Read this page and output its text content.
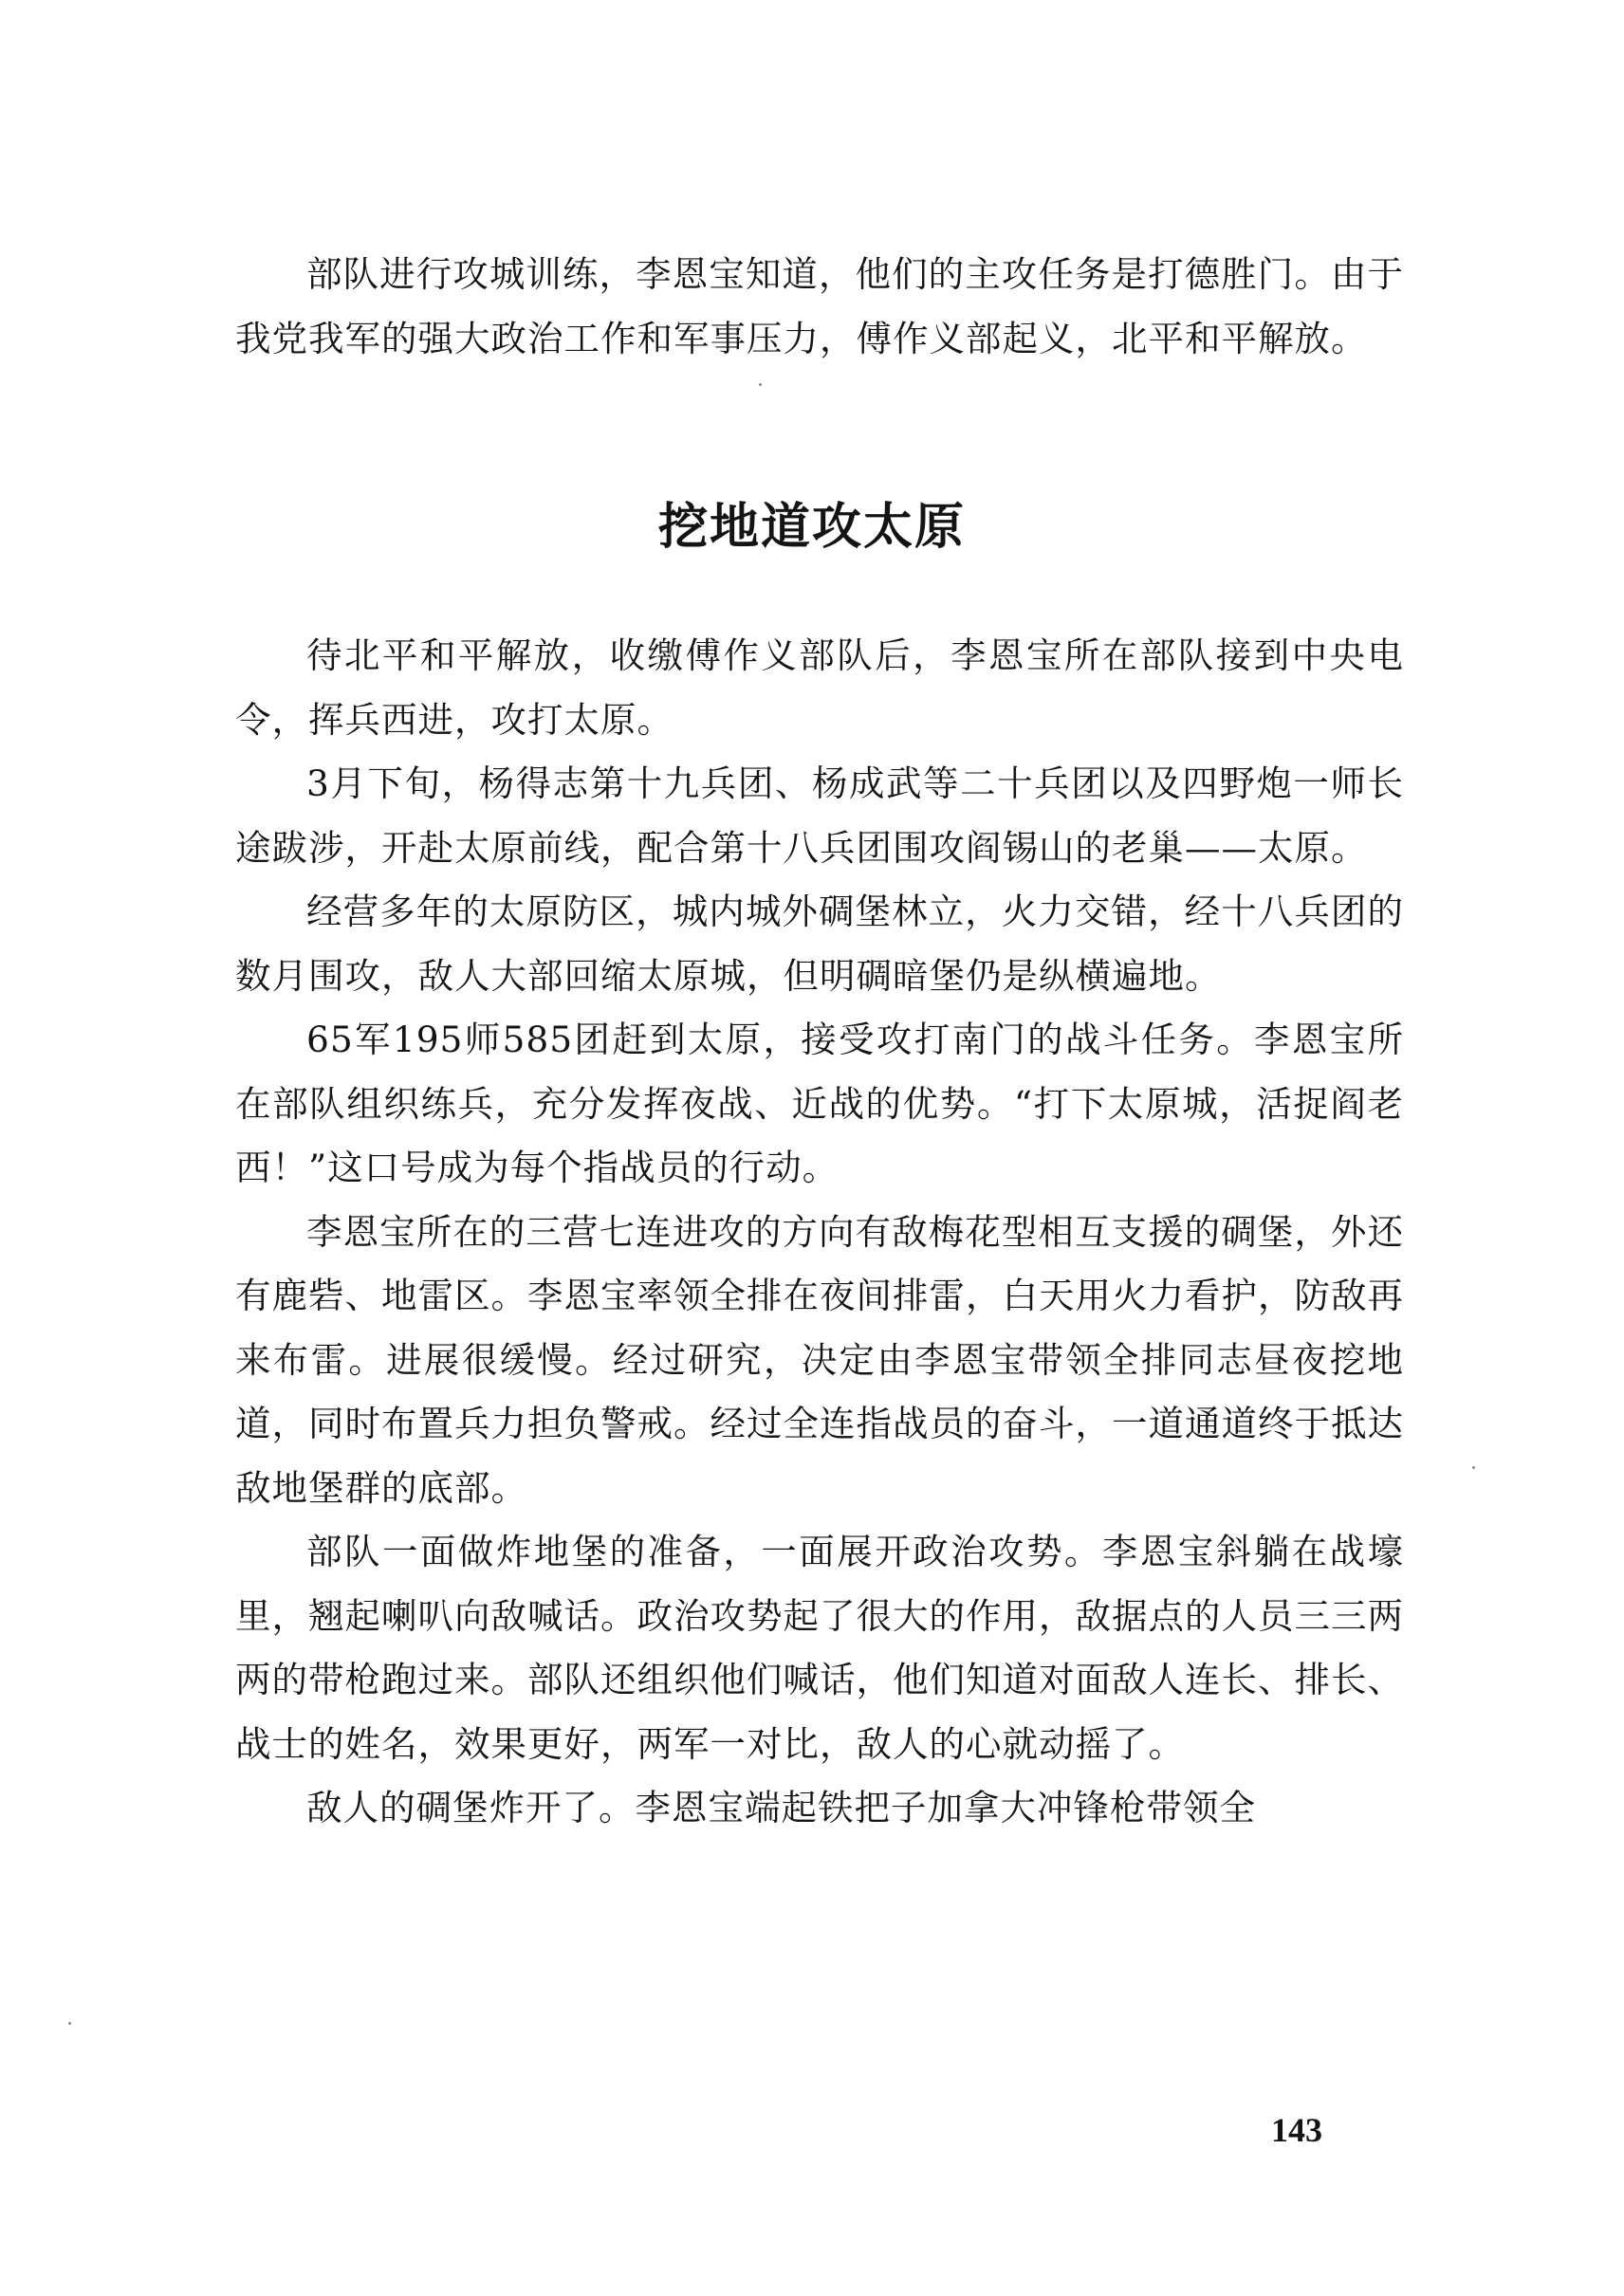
部队进行攻城训练，李恩宝知道，他们的主攻任务是打德胜门。由于我党我军的强大政治工作和军事压力，傅作义部起义，北平和平解放。

挖地道攻太原

待北平和平解放，收缴傅作义部队后，李恩宝所在部队接到中央电令，挥兵西进，攻打太原。

3月下旬，杨得志第十九兵团、杨成武等二十兵团以及四野炮一师长途跋涉，开赴太原前线，配合第十八兵团围攻阎锡山的老巢——太原。

经营多年的太原防区，城内城外碉堡林立，火力交错，经十八兵团的数月围攻，敌人大部回缩太原城，但明碉暗堡仍是纵横遍地。

65军195师585团赶到太原，接受攻打南门的战斗任务。李恩宝所在部队组织练兵，充分发挥夜战、近战的优势。“打下太原城，活捉阎老西！”这口号成为每个指战员的行动。

李恩宝所在的三营七连进攻的方向有敌梅花型相互支援的碉堡，外还有鹿砦、地雷区。李恩宝率领全排在夜间排雷，白天用火力看护，防敌再来布雷。进展很缓慢。经过研究，决定由李恩宝带领全排同志昼夜挖地道，同时布置兵力担负警戒。经过全连指战员的奋斗，一道通道终于抵达敌地堡群的底部。

部队一面做炸地堡的准备，一面展开政治攻势。李恩宝斜躺在战壕里，翘起喇叭向敌喊话。政治攻势起了很大的作用，敌据点的人员三三两两的带枪跑过来。部队还组织他们喊话，他们知道对面敌人连长、排长、战士的姓名，效果更好，两军一对比，敌人的心就动摇了。

敌人的碉堡炸开了。李恩宝端起铁把子加拿大冲锋枪带领全

143
